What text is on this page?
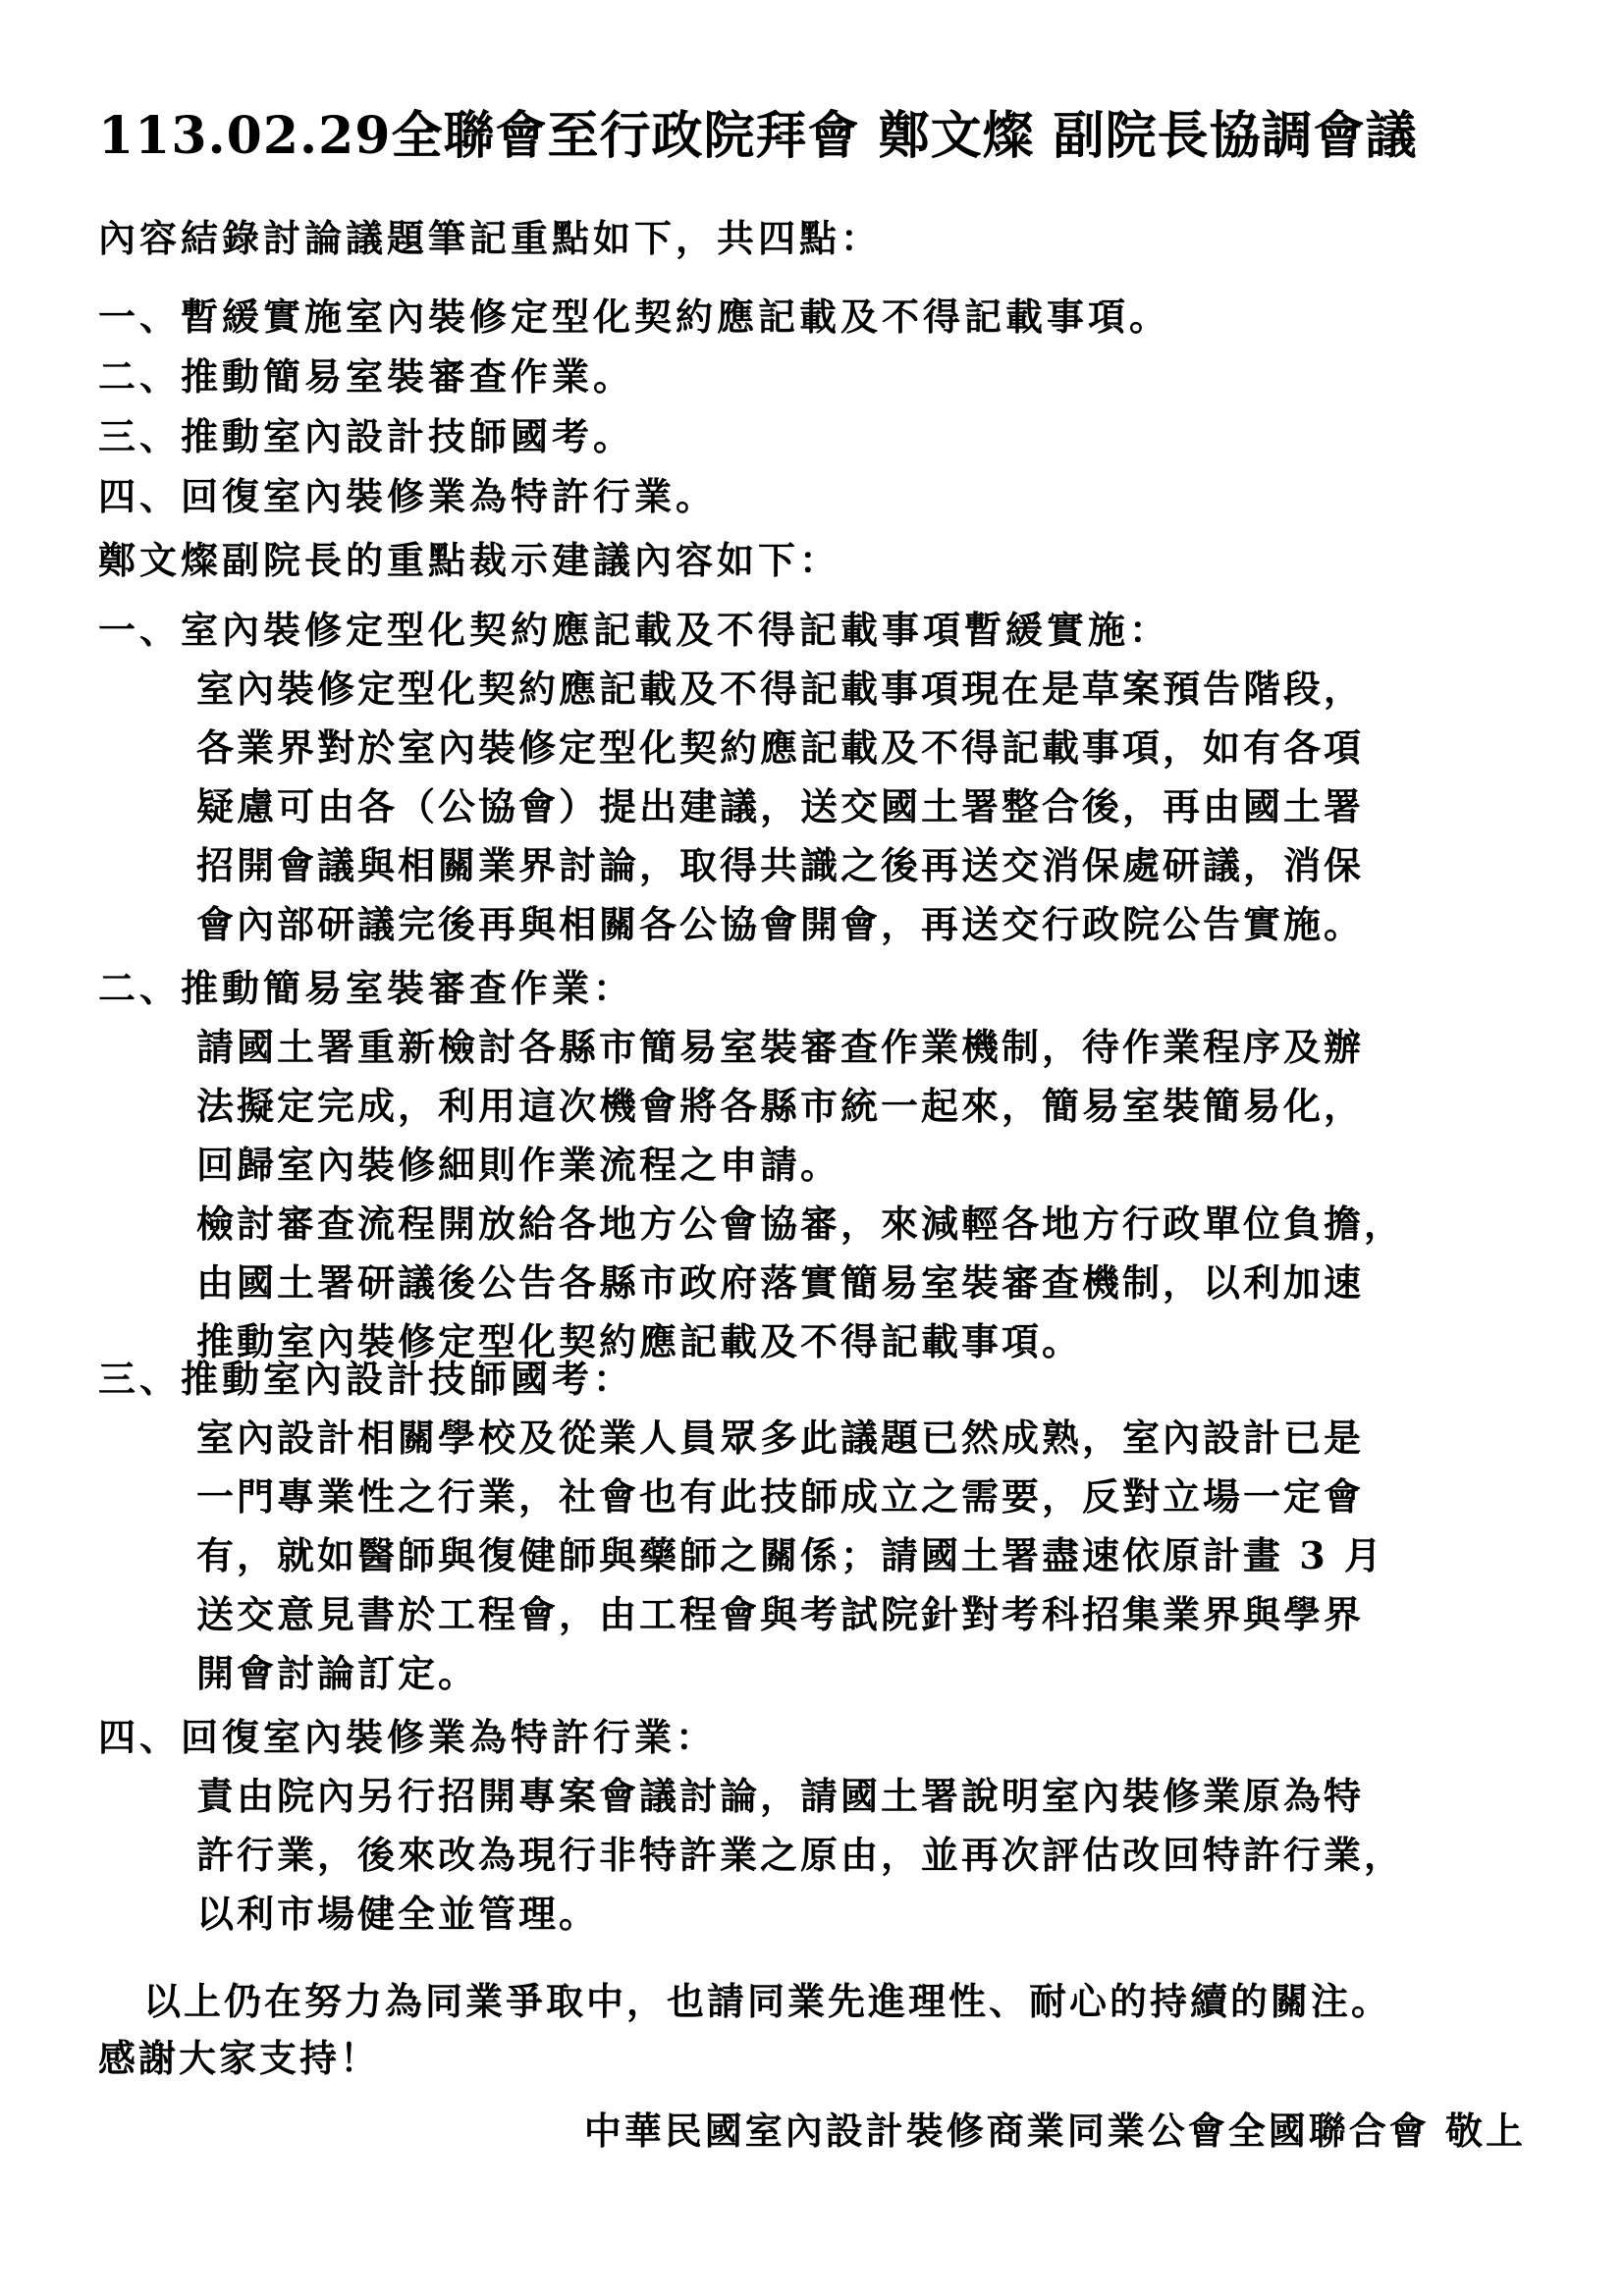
113.02.29全聯會至行政院拜會 鄭文燦 副院長協調會議
內容結錄討論議題筆記重點如下，共四點：
一、暫緩實施室內裝修定型化契約應記載及不得記載事項。
二、推動簡易室裝審查作業。
三、推動室內設計技師國考。
四、回復室內裝修業為特許行業。
鄭文燦副院長的重點裁示建議內容如下：
一、室內裝修定型化契約應記載及不得記載事項暫緩實施：
室內裝修定型化契約應記載及不得記載事項現在是草案預告階段，
各業界對於室內裝修定型化契約應記載及不得記載事項，如有各項
疑慮可由各（公協會）提出建議，送交國土署整合後，再由國土署
招開會議與相關業界討論，取得共識之後再送交消保處研議，消保
會內部研議完後再與相關各公協會開會，再送交行政院公告實施。
二、推動簡易室裝審查作業：
請國土署重新檢討各縣市簡易室裝審查作業機制，待作業程序及辦
法擬定完成，利用這次機會將各縣市統一起來，簡易室裝簡易化，
回歸室內裝修細則作業流程之申請。
檢討審查流程開放給各地方公會協審，來減輕各地方行政單位負擔，
由國土署研議後公告各縣市政府落實簡易室裝審查機制，以利加速
推動室內裝修定型化契約應記載及不得記載事項。
三、推動室內設計技師國考：
室內設計相關學校及從業人員眾多此議題已然成熟，室內設計已是
一門專業性之行業，社會也有此技師成立之需要，反對立場一定會
有，就如醫師與復健師與藥師之關係；請國土署盡速依原計畫 3 月
送交意見書於工程會，由工程會與考試院針對考科招集業界與學界
開會討論訂定。
四、回復室內裝修業為特許行業：
責由院內另行招開專案會議討論，請國土署說明室內裝修業原為特
許行業，後來改為現行非特許業之原由，並再次評估改回特許行業，
以利市場健全並管理。
以上仍在努力為同業爭取中，也請同業先進理性、耐心的持續的關注。
感謝大家支持！
中華民國室內設計裝修商業同業公會全國聯合會 敬上
